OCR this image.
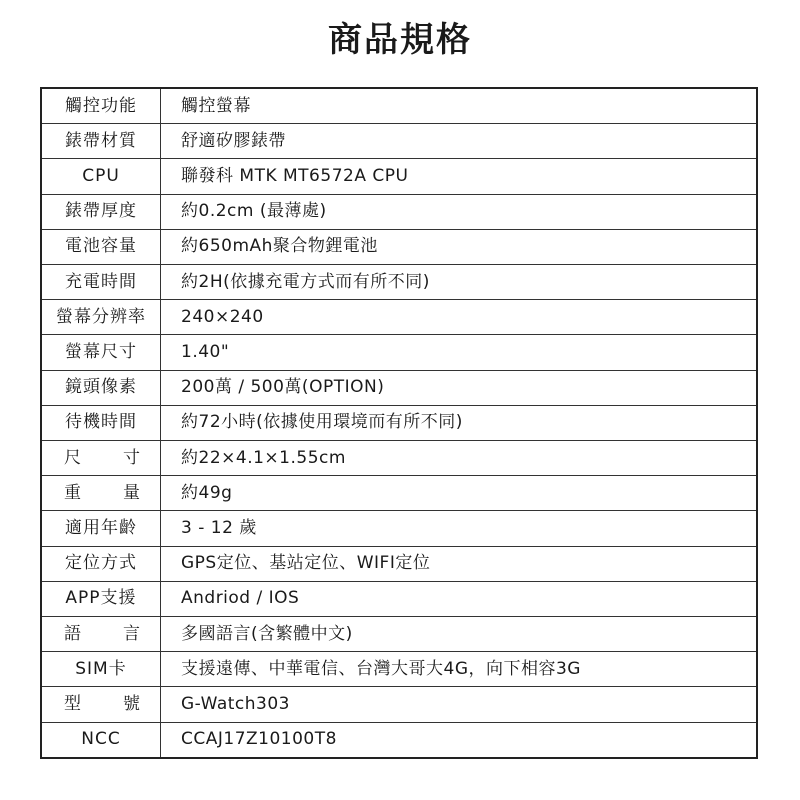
商品規格
觸控功能	觸控螢幕
錶帶材質	舒適矽膠錶帶
CPU	聯發科 MTK MT6572A CPU
錶帶厚度	約0.2cm (最薄處)
電池容量	約650mAh聚合物鋰電池
充電時間	約2H(依據充電方式而有所不同)
螢幕分辨率	240×240
螢幕尺寸	1.40"
鏡頭像素	200萬 / 500萬(OPTION)
待機時間	約72小時(依據使用環境而有所不同)
尺寸	約22×4.1×1.55cm
重量	約49g
適用年齡	3 - 12 歲
定位方式	GPS定位、基站定位、WIFI定位
APP支援	Andriod / IOS
語言	多國語言(含繁體中文)
SIM卡	支援遠傳、中華電信、台灣大哥大4G，向下相容3G
型號	G-Watch303
NCC	CCAJ17Z10100T8
